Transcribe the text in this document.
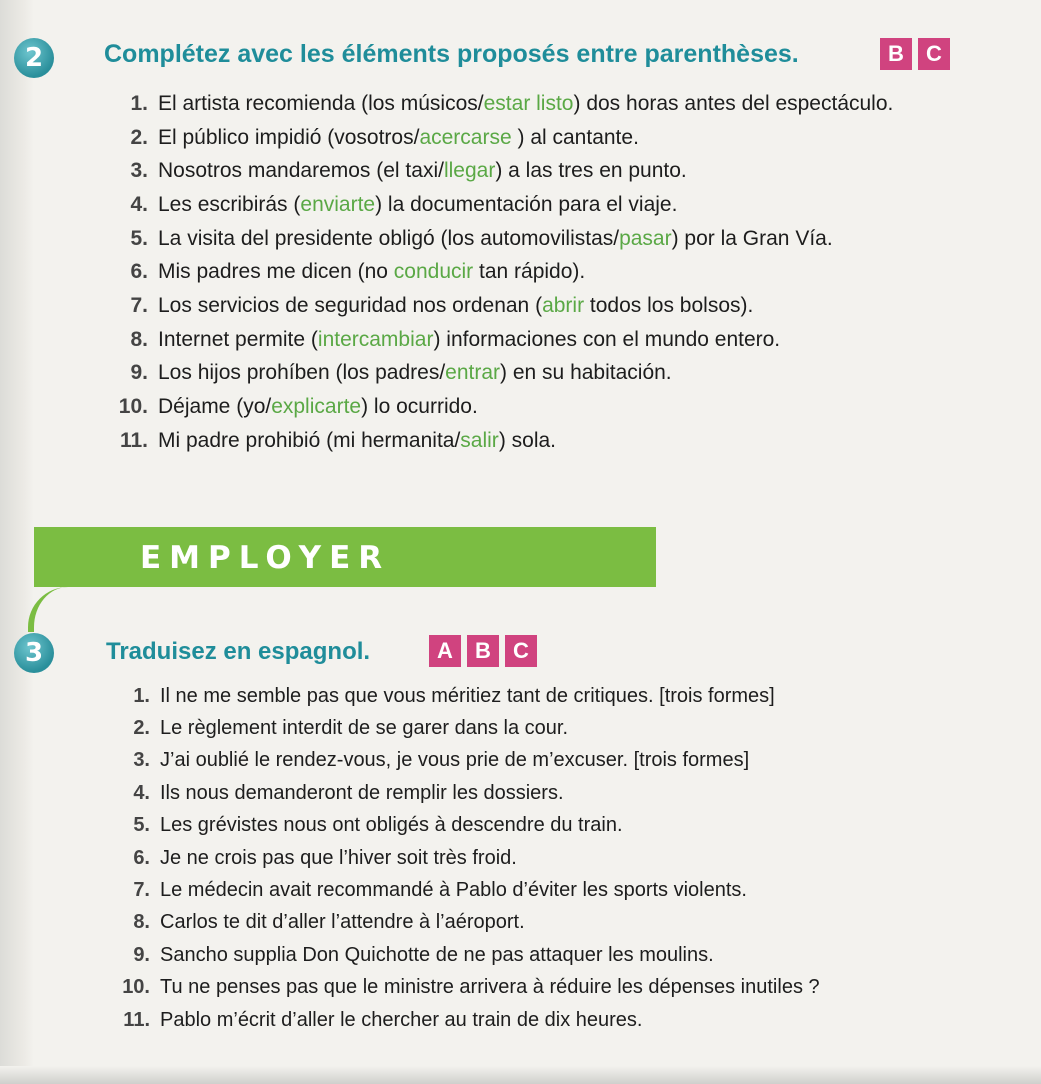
2	Complétez avec les éléments proposés entre parenthèses.	B	C
1. El artista recomienda (los músicos/estar listo) dos horas antes del espectáculo.
2. El público impidió (vosotros/acercarse ) al cantante.
3. Nosotros mandaremos (el taxi/llegar) a las tres en punto.
4. Les escribirás (enviarte) la documentación para el viaje.
5. La visita del presidente obligó (los automovilistas/pasar) por la Gran Vía.
6. Mis padres me dicen (no conducir tan rápido).
7. Los servicios de seguridad nos ordenan (abrir todos los bolsos).
8. Internet permite (intercambiar) informaciones con el mundo entero.
9. Los hijos prohíben (los padres/entrar) en su habitación.
10. Déjame (yo/explicarte) lo ocurrido.
11. Mi padre prohibió (mi hermanita/salir) sola.
EMPLOYER
3	Traduisez en espagnol.	A	B	C
1. Il ne me semble pas que vous méritiez tant de critiques. [trois formes]
2. Le règlement interdit de se garer dans la cour.
3. J’ai oublié le rendez-vous, je vous prie de m’excuser. [trois formes]
4. Ils nous demanderont de remplir les dossiers.
5. Les grévistes nous ont obligés à descendre du train.
6. Je ne crois pas que l’hiver soit très froid.
7. Le médecin avait recommandé à Pablo d’éviter les sports violents.
8. Carlos te dit d’aller l’attendre à l’aéroport.
9. Sancho supplia Don Quichotte de ne pas attaquer les moulins.
10. Tu ne penses pas que le ministre arrivera à réduire les dépenses inutiles ?
11. Pablo m’écrit d’aller le chercher au train de dix heures.
